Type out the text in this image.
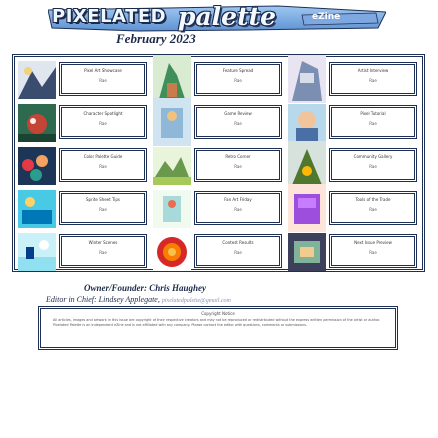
PIXELATED palette	eZine
February 2023
Pixel Art Showcase
Rae
Feature Spread
Rae
Artist Interview
Rae
Character Spotlight
Rae
Game Review
Rae
Pixel Tutorial
Rae
Color Palette Guide
Rae
Retro Corner
Rae
Community Gallery
Rae
Sprite Sheet Tips
Rae
Fan Art Friday
Rae
Tools of the Trade
Rae
Winter Scenes
Rae
Contest Results
Rae
Next Issue Preview
Rae
Owner/Founder: Chris Haughey
Editor in Chief: Lindsey Applegate, pixelatedpalette@gmail.com
Copyright Notice
All articles, images and artwork in this issue are copyright of their respective creators and may not be reproduced or redistributed without the express written permission of the artist or author. Pixelated Palette is an independent eZine and is not affiliated with any company. Please contact the editor with questions, comments or submissions.
